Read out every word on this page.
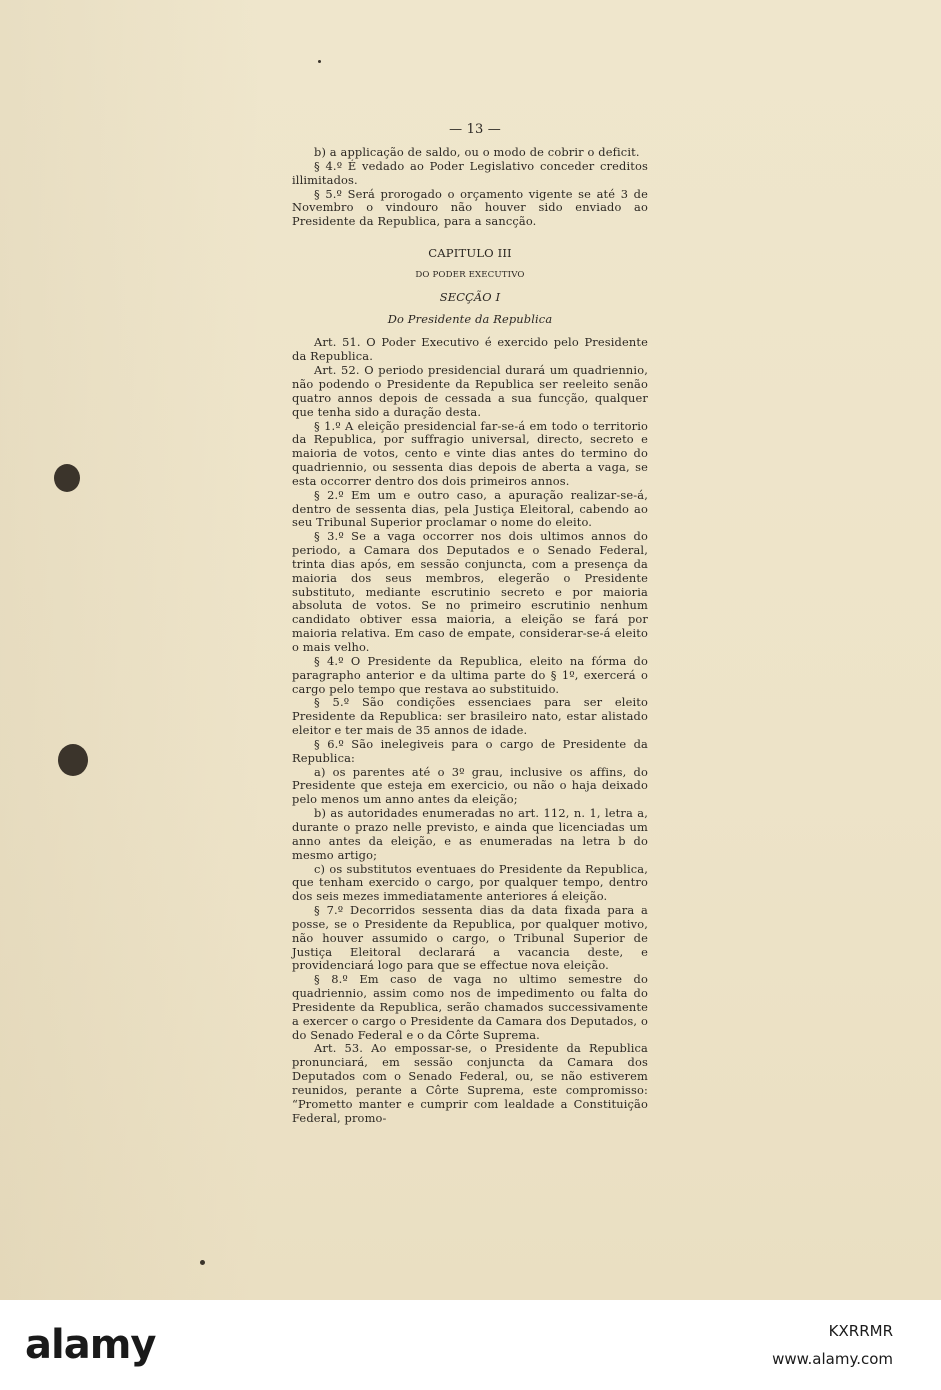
— 13 —

b) a applicação de saldo, ou o modo de cobrir o deficit.

§ 4.º É vedado ao Poder Legislativo conceder creditos illimitados.

§ 5.º Será prorogado o orçamento vigente se até 3 de Novembro o vindouro não houver sido enviado ao Presidente da Republica, para a sancção.

CAPITULO III

DO PODER EXECUTIVO

SECÇÃO I

Do Presidente da Republica

Art. 51. O Poder Executivo é exercido pelo Presidente da Republica.

Art. 52. O periodo presidencial durará um quadriennio, não podendo o Presidente da Republica ser reeleito senão quatro annos depois de cessada a sua funcção, qualquer que tenha sido a duração desta.

§ 1.º A eleição presidencial far-se-á em todo o territorio da Republica, por suffragio universal, directo, secreto e maioria de votos, cento e vinte dias antes do termino do quadriennio, ou sessenta dias depois de aberta a vaga, se esta occorrer dentro dos dois primeiros annos.

§ 2.º Em um e outro caso, a apuração realizar-se-á, dentro de sessenta dias, pela Justiça Eleitoral, cabendo ao seu Tribunal Superior proclamar o nome do eleito.

§ 3.º Se a vaga occorrer nos dois ultimos annos do periodo, a Camara dos Deputados e o Senado Federal, trinta dias após, em sessão conjuncta, com a presença da maioria dos seus membros, elegerão o Presidente substituto, mediante escrutinio secreto e por maioria absoluta de votos. Se no primeiro escrutinio nenhum candidato obtiver essa maioria, a eleição se fará por maioria relativa. Em caso de empate, considerar-se-á eleito o mais velho.

§ 4.º O Presidente da Republica, eleito na fórma do paragrapho anterior e da ultima parte do § 1º, exercerá o cargo pelo tempo que restava ao substituido.

§ 5.º São condições essenciaes para ser eleito Presidente da Republica: ser brasileiro nato, estar alistado eleitor e ter mais de 35 annos de idade.

§ 6.º São inelegiveis para o cargo de Presidente da Republica:

a) os parentes até o 3º grau, inclusive os affins, do Presidente que esteja em exercicio, ou não o haja deixado pelo menos um anno antes da eleição;

b) as autoridades enumeradas no art. 112, n. 1, letra a, durante o prazo nelle previsto, e ainda que licenciadas um anno antes da eleição, e as enumeradas na letra b do mesmo artigo;

c) os substitutos eventuaes do Presidente da Republica, que tenham exercido o cargo, por qualquer tempo, dentro dos seis mezes immediatamente anteriores á eleição.

§ 7.º Decorridos sessenta dias da data fixada para a posse, se o Presidente da Republica, por qualquer motivo, não houver assumido o cargo, o Tribunal Superior de Justiça Eleitoral declarará a vacancia deste, e providenciará logo para que se effectue nova eleição.

§ 8.º Em caso de vaga no ultimo semestre do quadriennio, assim como nos de impedimento ou falta do Presidente da Republica, serão chamados successivamente a exercer o cargo o Presidente da Camara dos Deputados, o do Senado Federal e o da Côrte Suprema.

Art. 53. Ao empossar-se, o Presidente da Republica pronunciará, em sessão conjuncta da Camara dos Deputados com o Senado Federal, ou, se não estiverem reunidos, perante a Côrte Suprema, este compromisso: “Prometto manter e cumprir com lealdade a Constituição Federal, promo-

alamy	KXRRMR
www.alamy.com
